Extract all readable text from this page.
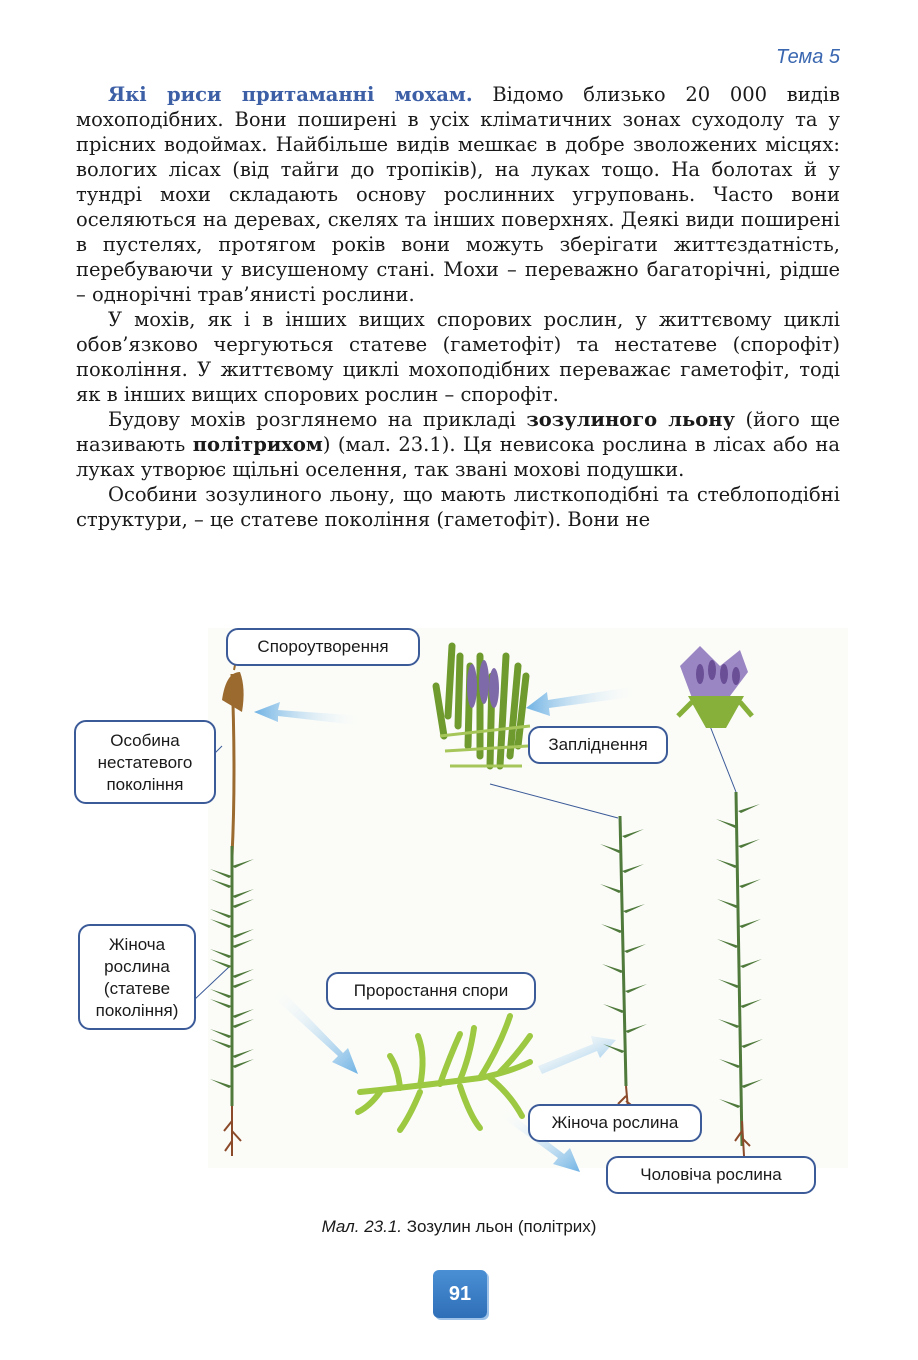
Тема 5

Які риси притаманні мохам. Відомо близько 20 000 видів мохоподібних. Вони поширені в усіх кліматичних зонах суходолу та у прісних водоймах. Найбільше видів мешкає в добре зволожених місцях: вологих лісах (від тайги до тропіків), на луках тощо. На болотах й у тундрі мохи складають основу рослинних угруповань. Часто вони оселяються на деревах, скелях та інших поверхнях. Деякі види поширені в пустелях, протягом років вони можуть зберігати життєздатність, перебуваючи у висушеному стані. Мохи – переважно багаторічні, рідше – однорічні трав’янисті рослини.

У мохів, як і в інших вищих спорових рослин, у життєвому циклі обов’язково чергуються статеве (гаметофіт) та нестатеве (спорофіт) покоління. У життєвому циклі мохоподібних переважає гаметофіт, тоді як в інших вищих спорових рослин – спорофіт.

Будову мохів розглянемо на прикладі зозулиного льону (його ще називають політрихом) (мал. 23.1). Ця невисока рослина в лісах або на луках утворює щільні оселення, так звані мохові подушки.

Особини зозулиного льону, що мають листкоподібні та стеблоподібні структури, – це статеве покоління (гаметофіт). Вони не

Спороутворення
Запліднення
Особина
нестатевого
покоління
Жіноча
рослина
(статеве
покоління)
Проростання спори
Жіноча рослина
Чоловіча рослина
Мал. 23.1. Зозулин льон (політрих)
91
